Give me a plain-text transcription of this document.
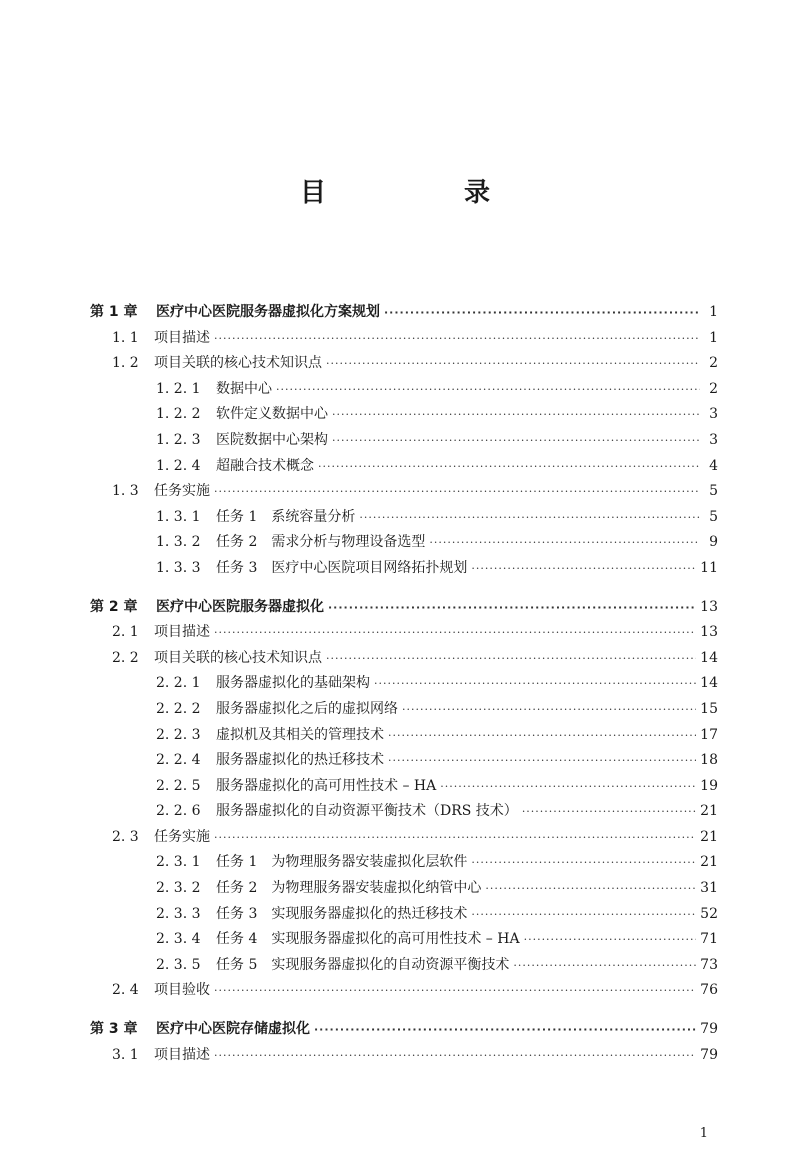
目　录
第 1 章	医疗中心医院服务器虚拟化方案规划 ·····	1
1. 1	项目描述 ·····	1
1. 2	项目关联的核心技术知识点 ·····	2
1. 2. 1	数据中心 ·····	2
1. 2. 2	软件定义数据中心 ·····	3
1. 2. 3	医院数据中心架构 ·····	3
1. 2. 4	超融合技术概念 ·····	4
1. 3	任务实施 ·····	5
1. 3. 1	任务 1　系统容量分析 ·····	5
1. 3. 2	任务 2　需求分析与物理设备选型 ·····	9
1. 3. 3	任务 3　医疗中心医院项目网络拓扑规划 ·····	11
第 2 章	医疗中心医院服务器虚拟化 ·····	13
2. 1	项目描述 ·····	13
2. 2	项目关联的核心技术知识点 ·····	14
2. 2. 1	服务器虚拟化的基础架构 ·····	14
2. 2. 2	服务器虚拟化之后的虚拟网络 ·····	15
2. 2. 3	虚拟机及其相关的管理技术 ·····	17
2. 2. 4	服务器虚拟化的热迁移技术 ·····	18
2. 2. 5	服务器虚拟化的高可用性技术 – HA ·····	19
2. 2. 6	服务器虚拟化的自动资源平衡技术（DRS 技术） ·····	21
2. 3	任务实施 ·····	21
2. 3. 1	任务 1　为物理服务器安装虚拟化层软件 ·····	21
2. 3. 2	任务 2　为物理服务器安装虚拟化纳管中心 ·····	31
2. 3. 3	任务 3　实现服务器虚拟化的热迁移技术 ·····	52
2. 3. 4	任务 4　实现服务器虚拟化的高可用性技术 – HA ·····	71
2. 3. 5	任务 5　实现服务器虚拟化的自动资源平衡技术 ·····	73
2. 4	项目验收 ·····	76
第 3 章	医疗中心医院存储虚拟化 ·····	79
3. 1	项目描述 ·····	79
1
